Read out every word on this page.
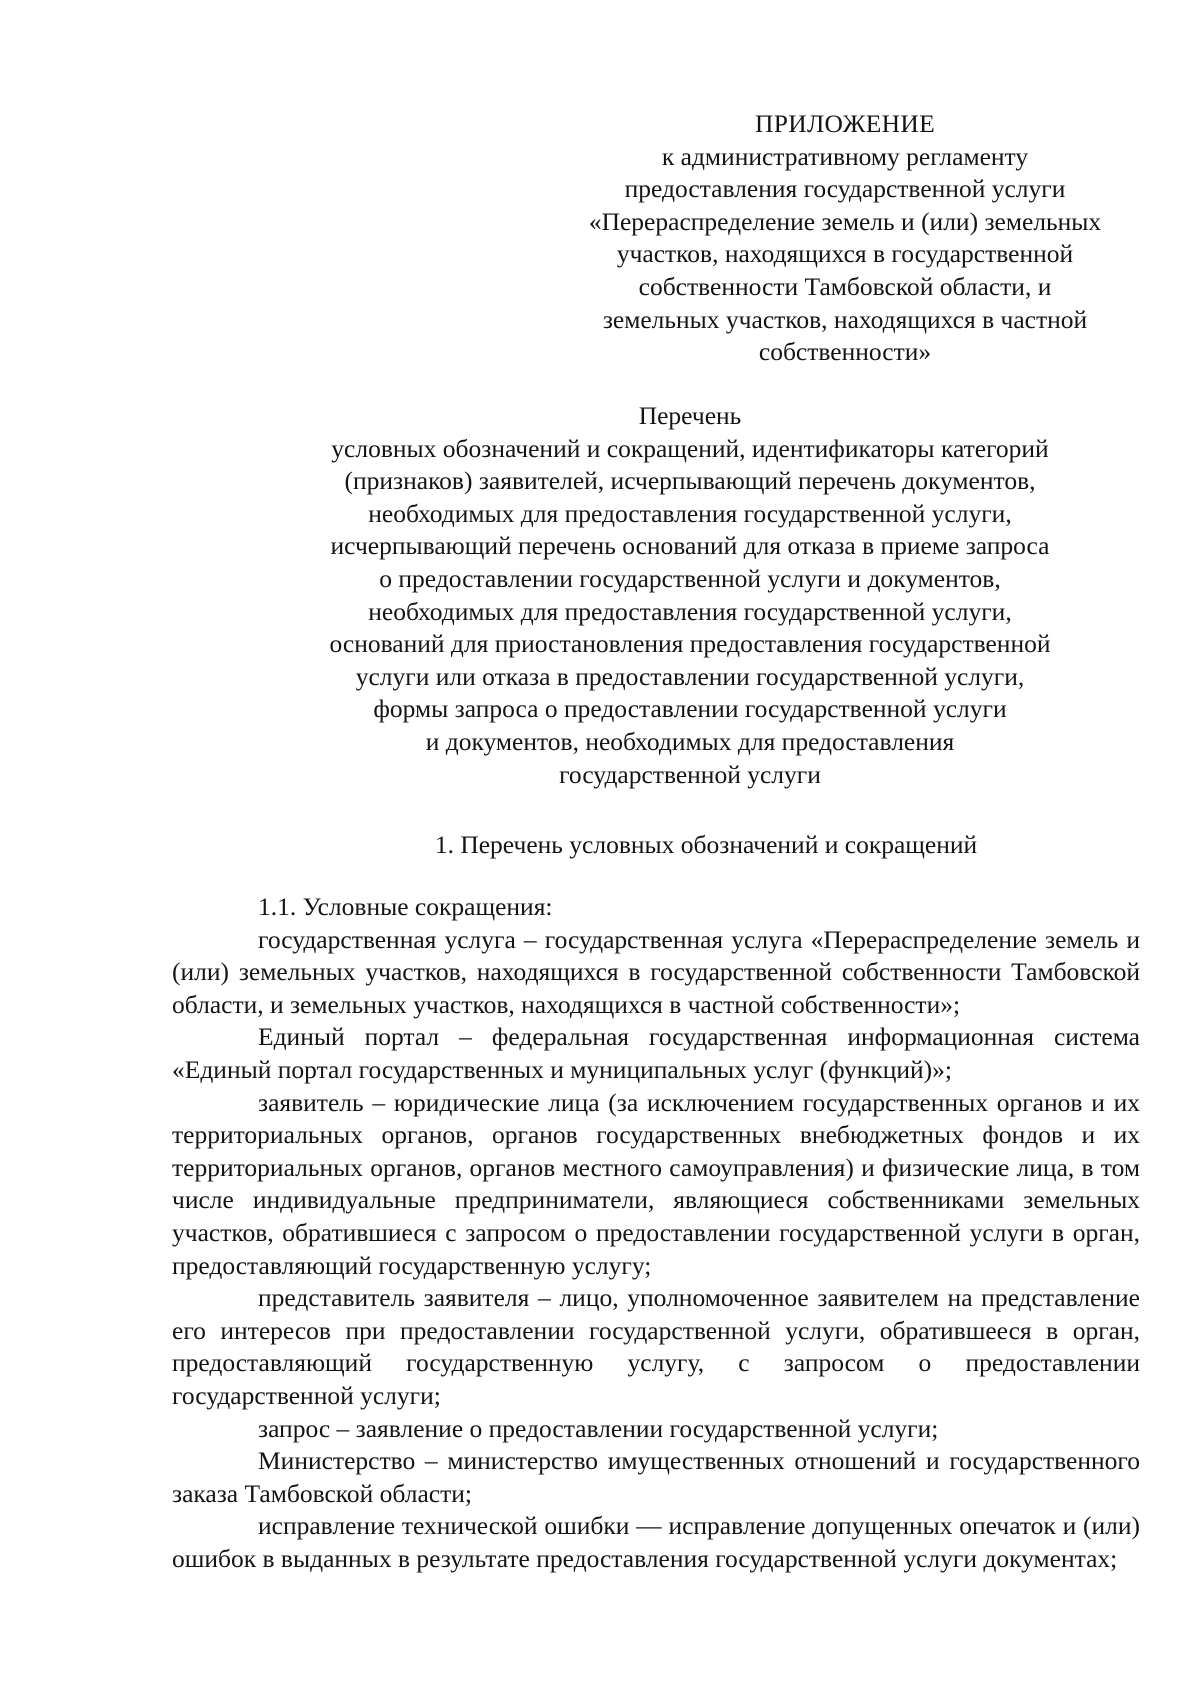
ПРИЛОЖЕНИЕ
к административному регламенту
предоставления государственной услуги
«Перераспределение земель и (или) земельных
участков, находящихся в государственной
собственности Тамбовской области, и
земельных участков, находящихся в частной
собственности»
Перечень
условных обозначений и сокращений, идентификаторы категорий
(признаков) заявителей, исчерпывающий перечень документов,
необходимых для предоставления государственной услуги,
исчерпывающий перечень оснований для отказа в приеме запроса
о предоставлении государственной услуги и документов,
необходимых для предоставления государственной услуги,
оснований для приостановления предоставления государственной
услуги или отказа в предоставлении государственной услуги,
формы запроса о предоставлении государственной услуги
и документов, необходимых для предоставления
государственной услуги
1. Перечень условных обозначений и сокращений

1.1. Условные сокращения:

государственная услуга – государственная услуга «Перераспределение земель и (или) земельных участков, находящихся в государственной собственности Тамбовской области, и земельных участков, находящихся в частной собственности»;

Единый портал – федеральная государственная информационная система «Единый портал государственных и муниципальных услуг (функций)»;

заявитель – юридические лица (за исключением государственных органов и их территориальных органов, органов государственных внебюджетных фондов и их территориальных органов, органов местного самоуправления) и физические лица, в том числе индивидуальные предприниматели, являющиеся собственниками земельных участков, обратившиеся с запросом о предоставлении государственной услуги в орган, предоставляющий государственную услугу;

представитель заявителя – лицо, уполномоченное заявителем на представление его интересов при предоставлении государственной услуги, обратившееся в орган, предоставляющий государственную услугу, с запросом о предоставлении государственной услуги;

запрос – заявление о предоставлении государственной услуги;

Министерство – министерство имущественных отношений и государственного заказа Тамбовской области;

исправление технической ошибки — исправление допущенных опечаток и (или) ошибок в выданных в результате предоставления государственной услуги документах;
